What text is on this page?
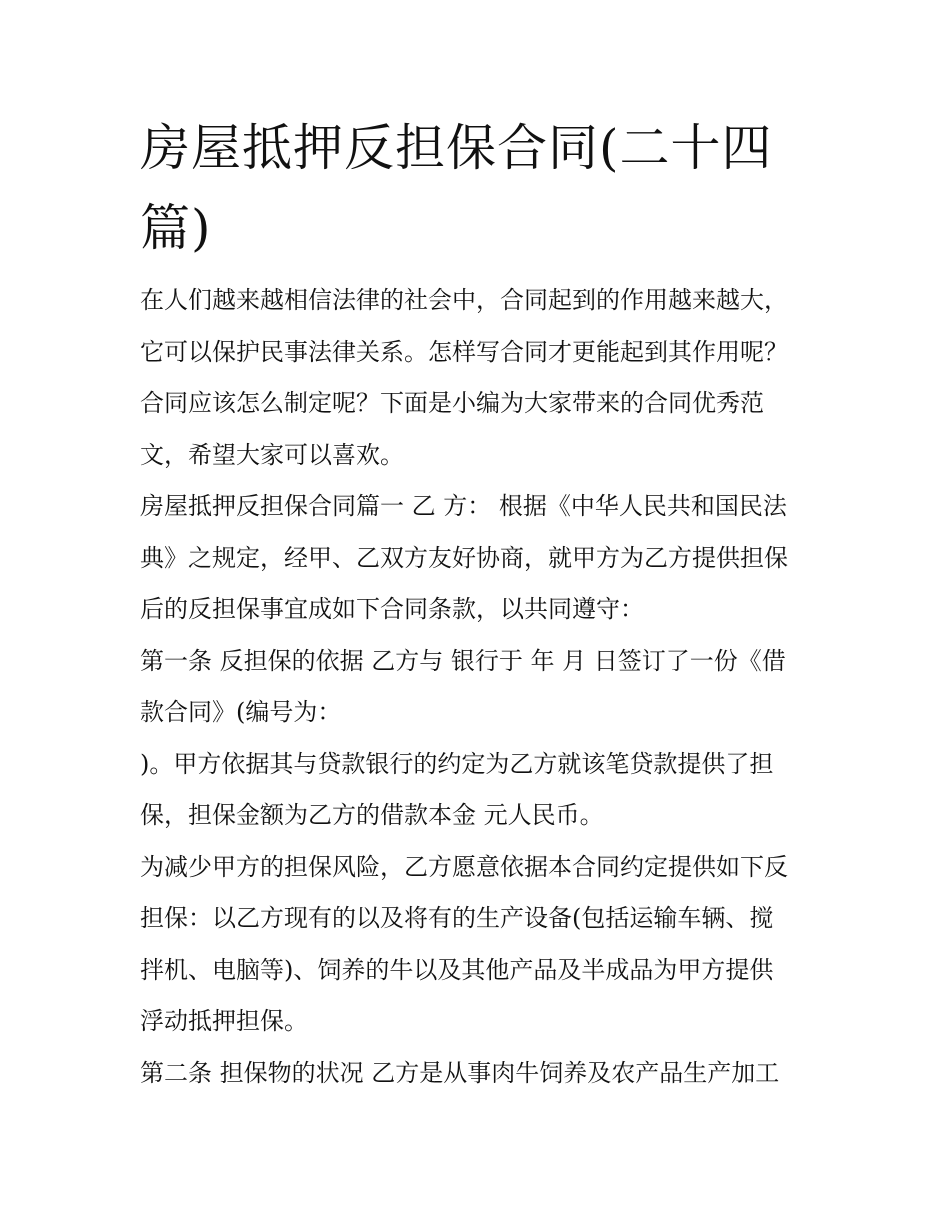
房屋抵押反担保合同(二十四
篇)
在人们越来越相信法律的社会中，合同起到的作用越来越大，
它可以保护民事法律关系。怎样写合同才更能起到其作用呢？
合同应该怎么制定呢？下面是小编为大家带来的合同优秀范
文，希望大家可以喜欢。
房屋抵押反担保合同篇一 乙 方： 根据《中华人民共和国民法
典》之规定，经甲、乙双方友好协商，就甲方为乙方提供担保
后的反担保事宜成如下合同条款，以共同遵守：
第一条 反担保的依据 乙方与 银行于 年 月 日签订了一份《借
款合同》(编号为：
)。甲方依据其与贷款银行的约定为乙方就该笔贷款提供了担
保，担保金额为乙方的借款本金 元人民币。
为减少甲方的担保风险，乙方愿意依据本合同约定提供如下反
担保：以乙方现有的以及将有的生产设备(包括运输车辆、搅
拌机、电脑等)、饲养的牛以及其他产品及半成品为甲方提供
浮动抵押担保。
第二条 担保物的状况 乙方是从事肉牛饲养及农产品生产加工
